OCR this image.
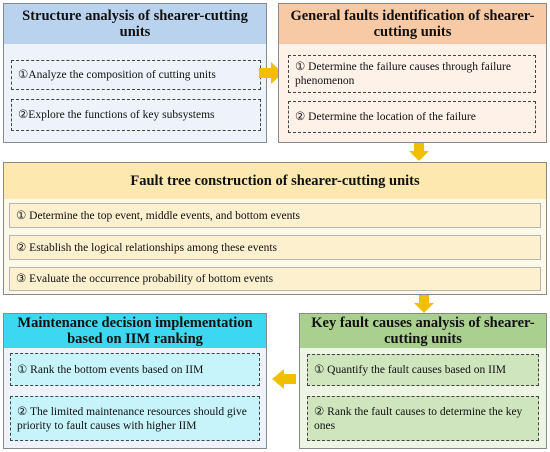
Structure analysis of shearer-cutting units
①Analyze the composition of cutting units
②Explore the functions of key subsystems
General faults identification of shearer-cutting units
① Determine the failure causes through failure phenomenon
② Determine the location of the failure
Fault tree construction of shearer-cutting units
① Determine the top event, middle events, and bottom events
② Establish the logical relationships among these events
③ Evaluate the occurrence probability of bottom events
Maintenance decision implementation based on IIM ranking
① Rank the bottom events based on IIM
② The limited maintenance resources should give priority to fault causes with higher IIM
Key fault causes analysis of shearer-cutting units
① Quantify the fault causes based on IIM
② Rank the fault causes to determine the key ones
